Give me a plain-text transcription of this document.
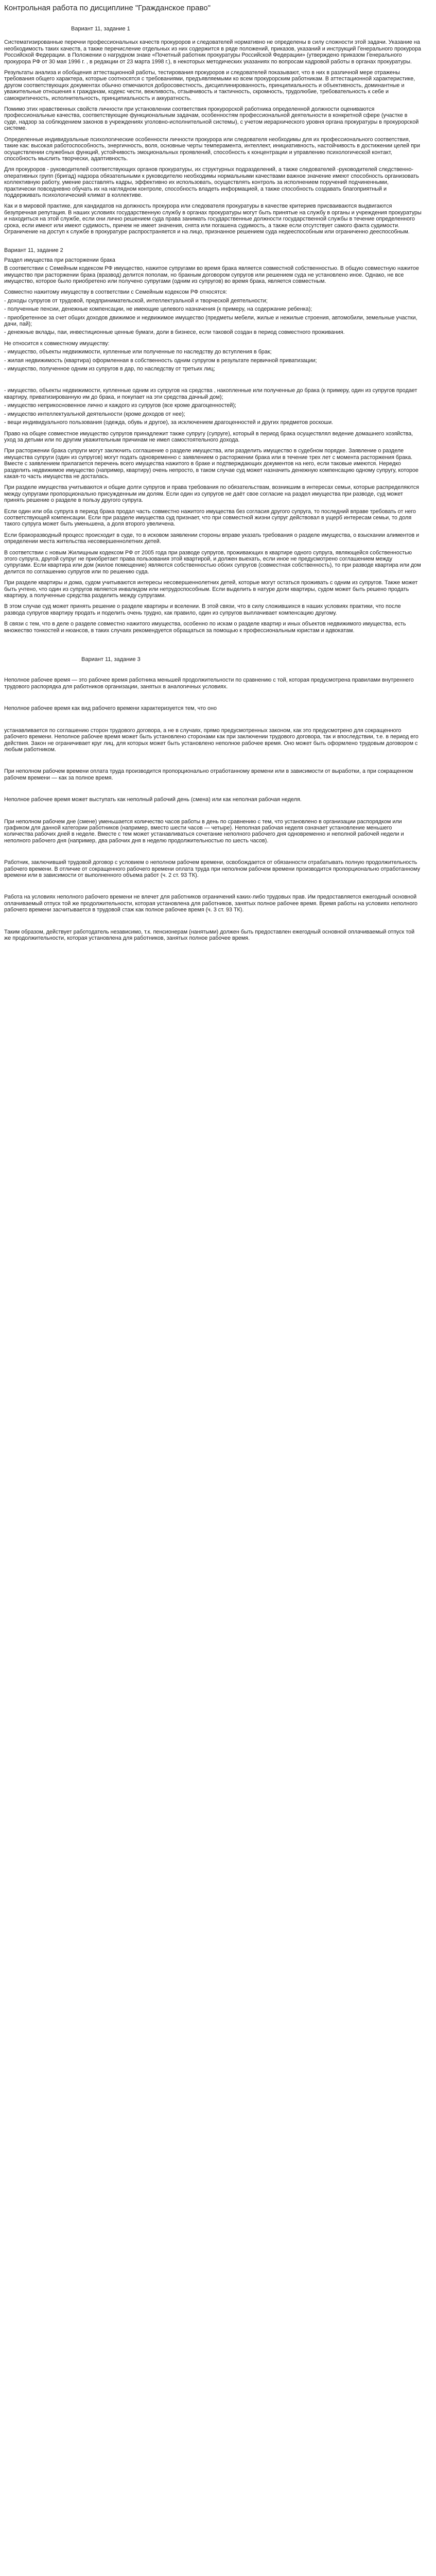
Контрольная работа по дисциплине "Гражданское право"
Вариант 11, задание 1

Систематизированные перечни профессиональных качеств прокуроров и следователей нормативно не определены в силу сложности этой задачи. Указание на необходимость таких качеств, а также перечисление отдельных из них содержится в ряде положений, приказов, указаний и инструкций Генерального прокурора Российской Федерации. в Положении о нагрудном знаке «Почетный работник прокуратуры Российской Федерации» (утверждено приказом Генерального прокурора РФ от 30 мая 1996 г. , в редакции от 23 марта 1998 г.), в некоторых методических указаниях по вопросам кадровой работы в органах прокуратуры.

Результаты анализа и обобщения аттестационной работы, тестирования прокуроров и следователей показывают, что в них в различной мере отражены требования общего характера, которые соотносятся с требованиями, предъявляемыми ко всем прокурорским работникам. В аттестационной характеристике, другом соответствующих документах обычно отмечаются добросовестность, дисциплинированность, принципиальность и объективность, доминантные и уважительные отношения к гражданам, кодекс чести, вежливость, отзывчивость и тактичность, скромность, трудолюбие, требовательность к себе и самокритичность, исполнительность, принципиальность и аккуратность.

Помимо этих нравственных свойств личности при установлении соответствия прокурорской работника определенной должности оцениваются профессиональные качества, соответствующие функциональным задачам, особенностям профессиональной деятельности в конкретной сфере (участке в суде, надзор за соблюдением законов в учреждениях уголовно-исполнительной системы), с учетом иерархического уровня органа прокуратуры в прокурорской системе.

Определенные индивидуальные психологические особенности личности прокурора или следователя необходимы для их профессионального соответствия, такие как: высокая работоспособность, энергичность, воля, основные черты темперамента, интеллект, инициативность, настойчивость в достижении целей при осуществлении служебных функций, устойчивость эмоциональных проявлений, способность к концентрации и управлению психологической контакт, способность мыслить творчески, адаптивность.

Для прокуроров - руководителей соответствующих органов прокуратуры, их структурных подразделений, а также следователей -руководителей следственно-оперативных групп (бригад) надзора обязательными к руководителю необходимы нормальными качествами важное значение имеют способность организовать коллективную работу, умение расставлять кадры, эффективно их использовать, осуществлять контроль за исполнением поручений подчиненными, практически повседневно обучать их на наглядном контроле, способность владеть информацией, а также способность создавать благоприятный и поддерживать психологический климат в коллективе.

Как и в мировой практике, для кандидатов на должность прокурора или следователя прокуратуры в качестве критериев присваиваются выдвигаются безупречная репутация. В наших условиях государственную службу в органах прокуратуры могут быть принятые на службу в органы и учреждения прокуратуры и находиться на этой службе, если они лично решением суда права занимать государственные должности государственной службы в течение определенного срока, если имеют или имеют судимость, причем не имеет значения, снята или погашена судимость, а также если отсутствует самого факта судимости. Ограничение на доступ к службе в прокуратуре распространяется и на лицо, признанное решением суда недееспособным или ограниченно дееспособным.

Вариант 11, задание 2

Раздел имущества при расторжении брака

В соответствии с Семейным кодексом РФ имущество, нажитое супругами во время брака является совместной собственностью. В общую совместную нажитое имущество при расторжении брака (вразвод) делится пополам, но бракным договором супругов или решением суда не установлено иное. Однако, не все имущество, которое было приобретено или получено супругами (одним из супругов) во время брака, является совместным.

Совместно нажитому имуществу в соответствии с Семейным кодексом РФ относятся:

- доходы супругов от трудовой, предпринимательской, интеллектуальной и творческой деятельности;

- полученные пенсии, денежные компенсации, не имеющие целевого назначения (к примеру, на содержание ребенка);

- приобретенное за счет общих доходов движимое и недвижимое имущество (предметы мебели, жилые и нежилые строения, автомобили, земельные участки, дачи, пай);

- денежные вклады, паи, инвестиционные ценные бумаги, доли в бизнесе, если таковой создан в период совместного проживания.

Не относится к совместному имуществу:

- имущество, объекты недвижимости, купленные или полученные по наследству до вступления в брак;

- жилая недвижимость (квартира) оформленная в собственность одним супругом в результате первичной приватизации;

- имущество, полученное одним из супругов в дар, по наследству от третьих лиц;

- имущество, объекты недвижимости, купленные одним из супругов на средства , накопленные или полученные до брака (к примеру, один из супругов продает квартиру, приватизированную им до брака, и покупает на эти средства дачный дом);

- имущество неприкосновенное лично и каждого из супругов (все кроме драгоценностей);

- имущество интеллектуальной деятельности (кроме доходов от нее);

- вещи индивидуального пользования (одежда, обувь и другое), за исключением драгоценностей и других предметов роскоши.

Право на общее совместное имущество супругов принадлежит также супругу (супруге), который в период брака осуществлял ведение домашнего хозяйства, уход за детьми или по другим уважительным причинам не имел самостоятельного дохода.

При расторжении брака супруги могут заключить соглашение о разделе имущества, или разделить имущество в судебном порядке. Заявление о разделе имущества супруги (один из супругов) могут подать одновременно с заявлением о расторжении брака или в течение трех лет с момента расторжения брака. Вместе с заявлением прилагается перечень всего имущества нажитого в браке и подтверждающих документов на него, если таковые имеются. Нередко разделить недвижимое имущество (например, квартиру) очень непросто, в таком случае суд может назначить денежную компенсацию одному супругу, которое какая-то часть имущества не досталась.

При разделе имущества учитываются и общие долги супругов и права требования по обязательствам, возникшим в интересах семьи, которые распределяются между супругами пропорционально присужденным им долям. Если один из супругов не даёт свое согласие на раздел имущества при разводе, суд может принять решение о разделе в пользу другого супруга.

Если один или оба супруга в период брака продал часть совместно нажитого имущества без согласия другого супруга, то последний вправе требовать от него соответствующей компенсации. Если при разделе имущества суд признает, что при совместной жизни супруг действовал в ущерб интересам семьи, то доля такого супруга может быть уменьшена, а доля второго увеличена.

Если бракоразводный процесс происходит в суде, то в исковом заявлении стороны вправе указать требования о разделе имущества, о взыскании алиментов и определении места жительства несовершеннолетних детей.

В соответствии с новым Жилищным кодексом РФ от 2005 года при разводе супругов, проживающих в квартире одного супруга, являющейся собственностью этого супруга, другой супруг не приобретает права пользования этой квартирой, и должен выехать, если иное не предусмотрено соглашением между супругами. Если квартира или дом (жилое помещение) являются собственностью обоих супругов (совместная собственность), то при разводе квартира или дом делится по соглашению супругов или по решению суда.

При разделе квартиры и дома, судом учитываются интересы несовершеннолетних детей, которые могут остаться проживать с одним из супругов. Также может быть учтено, что один из супругов является инвалидом или нетрудоспособным. Если выделить в натуре доли квартиры, судом может быть решено продать квартиру, а полученные средства разделить между супругами.

В этом случае суд может принять решение о разделе квартиры и вселении. В этой связи, что в силу сложившихся в наших условиях практики, что после развода супругов квартиру продать и поделить очень трудно, как правило, один из супругов выплачивает компенсацию другому.

В связи с тем, что в деле о разделе совместно нажитого имущества, особенно по искам о разделе квартир и иных объектов недвижимого имущества, есть множество тонкостей и нюансов, в таких случаях рекомендуется обращаться за помощью к профессиональным юристам и адвокатам.

Вариант 11, задание 3

Неполное рабочее время — это рабочее время работника меньшей продолжительности по сравнению с той, которая предусмотрена правилами внутреннего трудового распорядка для работников организации, занятых в аналогичных условиях.

Неполное рабочее время как вид рабочего времени характеризуется тем, что оно

устанавливается по соглашению сторон трудового договора, а не в случаях, прямо предусмотренных законом, как это предусмотрено для сокращенного рабочего времени. Неполное рабочее время может быть установлено сторонами как при заключении трудового договора, так и впоследствии, т.е. в период его действия. Закон не ограничивает круг лиц, для которых может быть установлено неполное рабочее время. Оно может быть оформлено трудовым договором с любым работником.

При неполном рабочем времени оплата труда производится пропорционально отработанному времени или в зависимости от выработки, а при сокращенном рабочем времени — как за полное время.

Неполное рабочее время может выступать как неполный рабочий день (смена) или как неполная рабочая неделя.

При неполном рабочем дне (смене) уменьшается количество часов работы в день по сравнению с тем, что установлено в организации распорядком или графиком для данной категории работников (например, вместо шести часов — четыре). Неполная рабочая неделя означает установление меньшего количества рабочих дней в неделе. Вместе с тем может устанавливаться сочетание неполного рабочего дня одновременно и неполной рабочей недели и неполного рабочего дня (например, два рабочих дня в неделю продолжительностью по шесть часов).

Работник, заключивший трудовой договор с условием о неполном рабочем времени, освобождается от обязанности отрабатывать полную продолжительность рабочего времени. В отличие от сокращенного рабочего времени оплата труда при неполном рабочем времени производится пропорционально отработанному времени или в зависимости от выполненного объема работ (ч. 2 ст. 93 ТК).

Работа на условиях неполного рабочего времени не влечет для работников ограничений каких-либо трудовых прав. Им предоставляется ежегодный основной оплачиваемый отпуск той же продолжительности, которая установлена для работников, занятых полное рабочее время. Время работы на условиях неполного рабочего времени засчитывается в трудовой стаж как полное рабочее время (ч. 3 ст. 93 ТК).

Таким образом, действует работодатель независимо, т.к. пенсионерам (нанятыми) должен быть предоставлен ежегодный основной оплачиваемый отпуск той же продолжительности, которая установлена для работников, занятых полное рабочее время.
